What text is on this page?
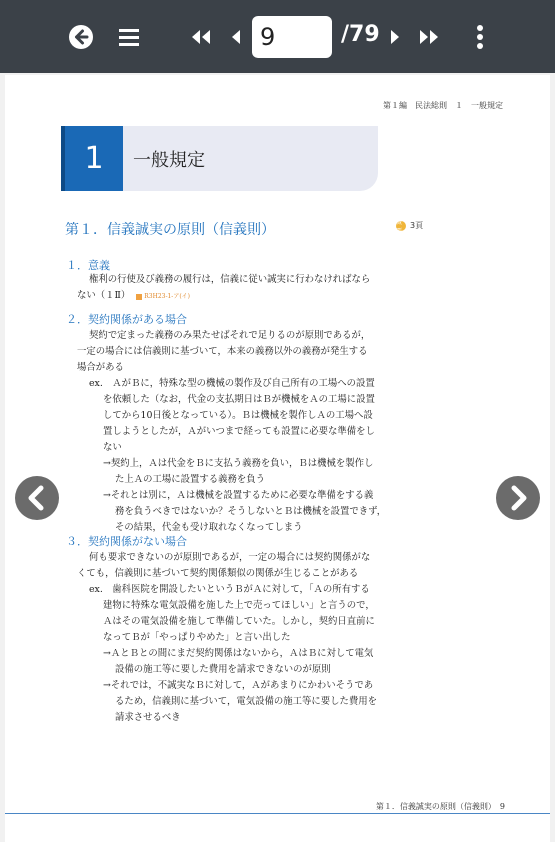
9
/79
第１編　民法総則　１　一般規定
1	一般規定
第１．信義誠実の原則（信義則）	概要
3頁
１．意義
権利の行使及び義務の履行は，信義に従い誠実に行わなければなら
ない（１Ⅱ） R3H23-1-ア(イ)
２．契約関係がある場合
契約で定まった義務のみ果たせばそれで足りるのが原則であるが，
一定の場合には信義則に基づいて，本来の義務以外の義務が発生する
場合がある
ex.　ＡがＢに，特殊な型の機械の製作及び自己所有の工場への設置
を依頼した（なお，代金の支払期日はＢが機械をＡの工場に設置
してから10日後となっている）。Ｂは機械を製作しＡの工場へ設
置しようとしたが，Ａがいつまで経っても設置に必要な準備をし
ない
→契約上，Ａは代金をＢに支払う義務を負い，Ｂは機械を製作し
た上Ａの工場に設置する義務を負う
→それとは別に，Ａは機械を設置するために必要な準備をする義
務を負うべきではないか？そうしないとＢは機械を設置できず，
その結果，代金も受け取れなくなってしまう
３．契約関係がない場合
何も要求できないのが原則であるが，一定の場合には契約関係がな
くても，信義則に基づいて契約関係類似の関係が生じることがある
ex.　歯科医院を開設したいというＢがＡに対して，「Ａの所有する
建物に特殊な電気設備を施した上で売ってほしい」と言うので，
Ａはその電気設備を施して準備していた。しかし，契約日直前に
なってＢが「やっぱりやめた」と言い出した
→ＡとＢとの間にまだ契約関係はないから，ＡはＢに対して電気
設備の施工等に要した費用を請求できないのが原則
→それでは，不誠実なＢに対して，Ａがあまりにかわいそうであ
るため，信義則に基づいて，電気設備の施工等に要した費用を
請求させるべき
第１．信義誠実の原則（信義則）　9
